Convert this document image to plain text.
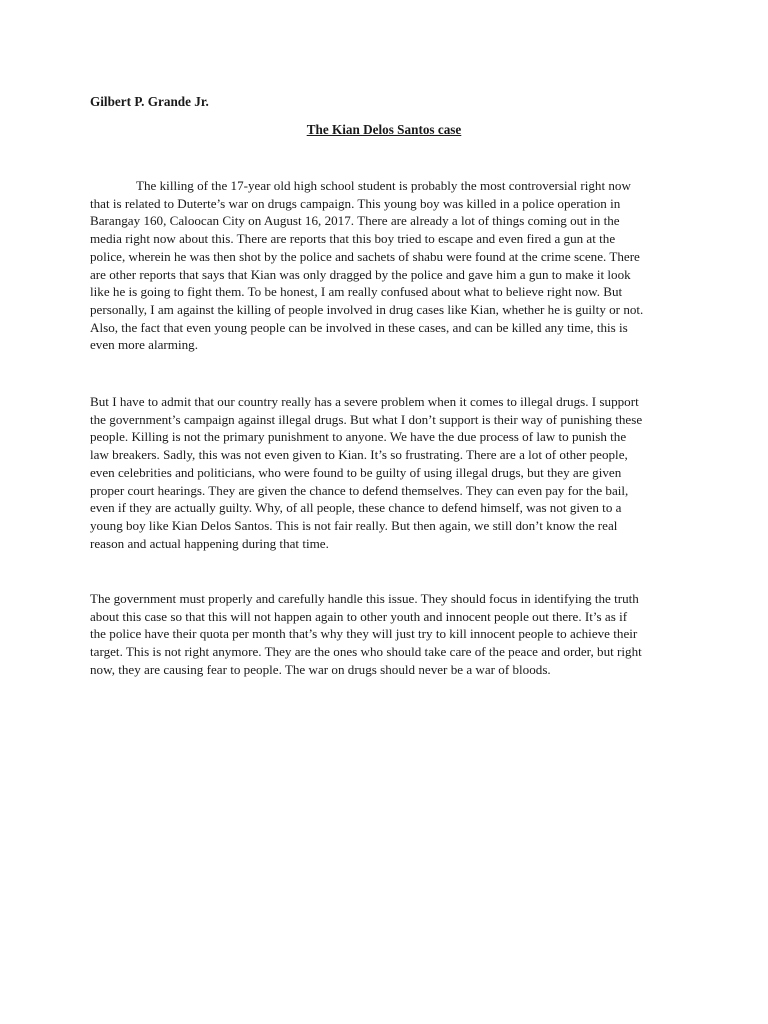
Gilbert P. Grande Jr.
The Kian Delos Santos case

The killing of the 17-year old high school student is probably the most controversial right now
that is related to Duterte’s war on drugs campaign. This young boy was killed in a police operation in
Barangay 160, Caloocan City on August 16, 2017. There are already a lot of things coming out in the
media right now about this. There are reports that this boy tried to escape and even fired a gun at the
police, wherein he was then shot by the police and sachets of shabu were found at the crime scene. There
are other reports that says that Kian was only dragged by the police and gave him a gun to make it look
like he is going to fight them. To be honest, I am really confused about what to believe right now. But
personally, I am against the killing of people involved in drug cases like Kian, whether he is guilty or not.
Also, the fact that even young people can be involved in these cases, and can be killed any time, this is
even more alarming.

But I have to admit that our country really has a severe problem when it comes to illegal drugs. I support
the government’s campaign against illegal drugs. But what I don’t support is their way of punishing these
people. Killing is not the primary punishment to anyone. We have the due process of law to punish the
law breakers. Sadly, this was not even given to Kian. It’s so frustrating. There are a lot of other people,
even celebrities and politicians, who were found to be guilty of using illegal drugs, but they are given
proper court hearings. They are given the chance to defend themselves. They can even pay for the bail,
even if they are actually guilty. Why, of all people, these chance to defend himself, was not given to a
young boy like Kian Delos Santos. This is not fair really. But then again, we still don’t know the real
reason and actual happening during that time.

The government must properly and carefully handle this issue. They should focus in identifying the truth
about this case so that this will not happen again to other youth and innocent people out there. It’s as if
the police have their quota per month that’s why they will just try to kill innocent people to achieve their
target. This is not right anymore. They are the ones who should take care of the peace and order, but right
now, they are causing fear to people. The war on drugs should never be a war of bloods.
